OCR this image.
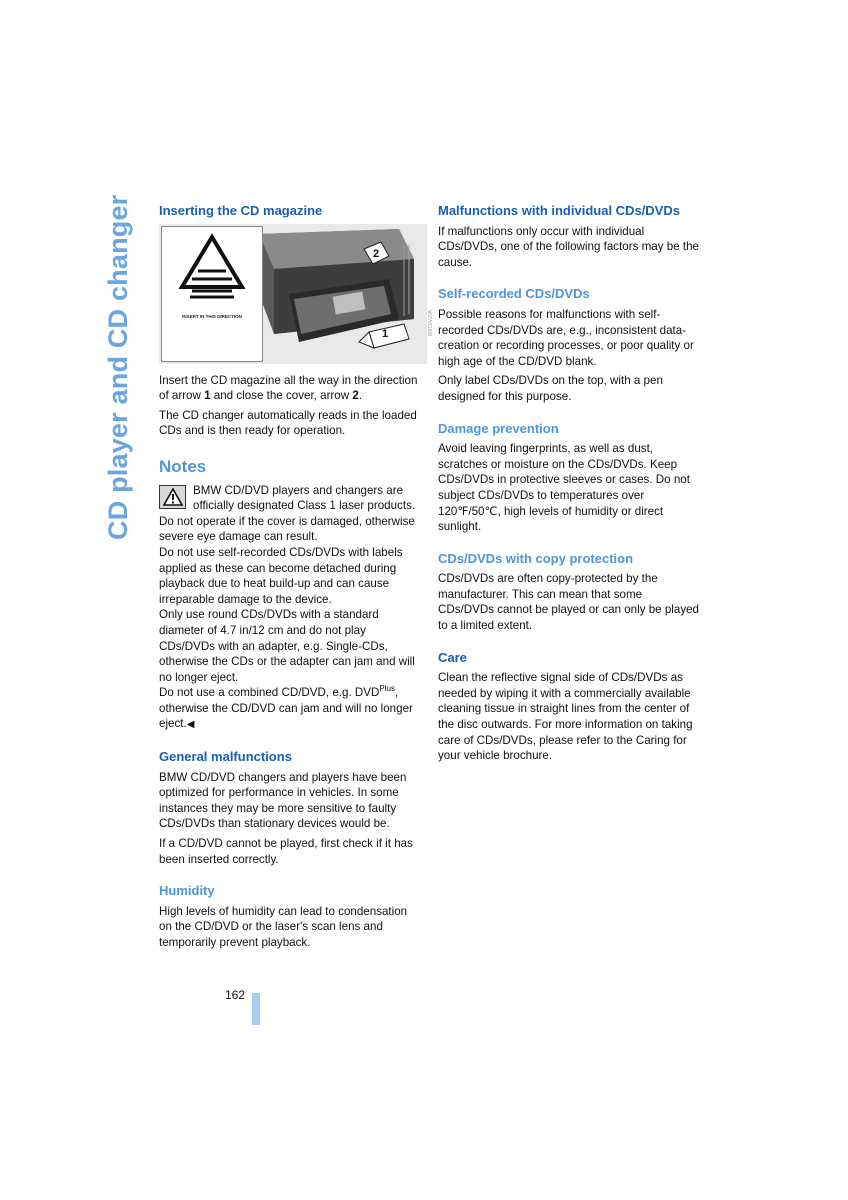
CD player and CD changer Inserting the CD magazine
INSERT IN THIS DIRECTION
2
1	W6C6V20A

Insert the CD magazine all the way in the direction of arrow 1 and close the cover, arrow 2.

The CD changer automatically reads in the loaded CDs and is then ready for operation.

Notes

BMW CD/DVD players and changers are officially designated Class 1 laser products. Do not operate if the cover is damaged, otherwise severe eye damage can result.

Do not use self-recorded CDs/DVDs with labels applied as these can become detached during playback due to heat build-up and can cause irreparable damage to the device.

Only use round CDs/DVDs with a standard diameter of 4.7 in/12 cm and do not play CDs/DVDs with an adapter, e.g. Single-CDs, otherwise the CDs or the adapter can jam and will no longer eject.

Do not use a combined CD/DVD, e.g. $DVD^{Plus}$, otherwise the CD/DVD can jam and will no longer eject.◀

General malfunctions

BMW CD/DVD changers and players have been optimized for performance in vehicles. In some instances they may be more sensitive to faulty CDs/DVDs than stationary devices would be.

If a CD/DVD cannot be played, first check if it has been inserted correctly.

Humidity

High levels of humidity can lead to condensation on the CD/DVD or the laser's scan lens and temporarily prevent playback.

Malfunctions with individual CDs/DVDs

If malfunctions only occur with individual CDs/DVDs, one of the following factors may be the cause.

Self-recorded CDs/DVDs

Possible reasons for malfunctions with self-recorded CDs/DVDs are, e.g., inconsistent data-creation or recording processes, or poor quality or high age of the CD/DVD blank.

Only label CDs/DVDs on the top, with a pen designed for this purpose.

Damage prevention

Avoid leaving fingerprints, as well as dust, scratches or moisture on the CDs/DVDs. Keep CDs/DVDs in protective sleeves or cases. Do not subject CDs/DVDs to temperatures over 120℉/50℃, high levels of humidity or direct sunlight.

CDs/DVDs with copy protection

CDs/DVDs are often copy-protected by the manufacturer. This can mean that some CDs/DVDs cannot be played or can only be played to a limited extent.

Care

Clean the reflective signal side of CDs/DVDs as needed by wiping it with a commercially available cleaning tissue in straight lines from the center of the disc outwards. For more information on taking care of CDs/DVDs, please refer to the Caring for your vehicle brochure.

162
